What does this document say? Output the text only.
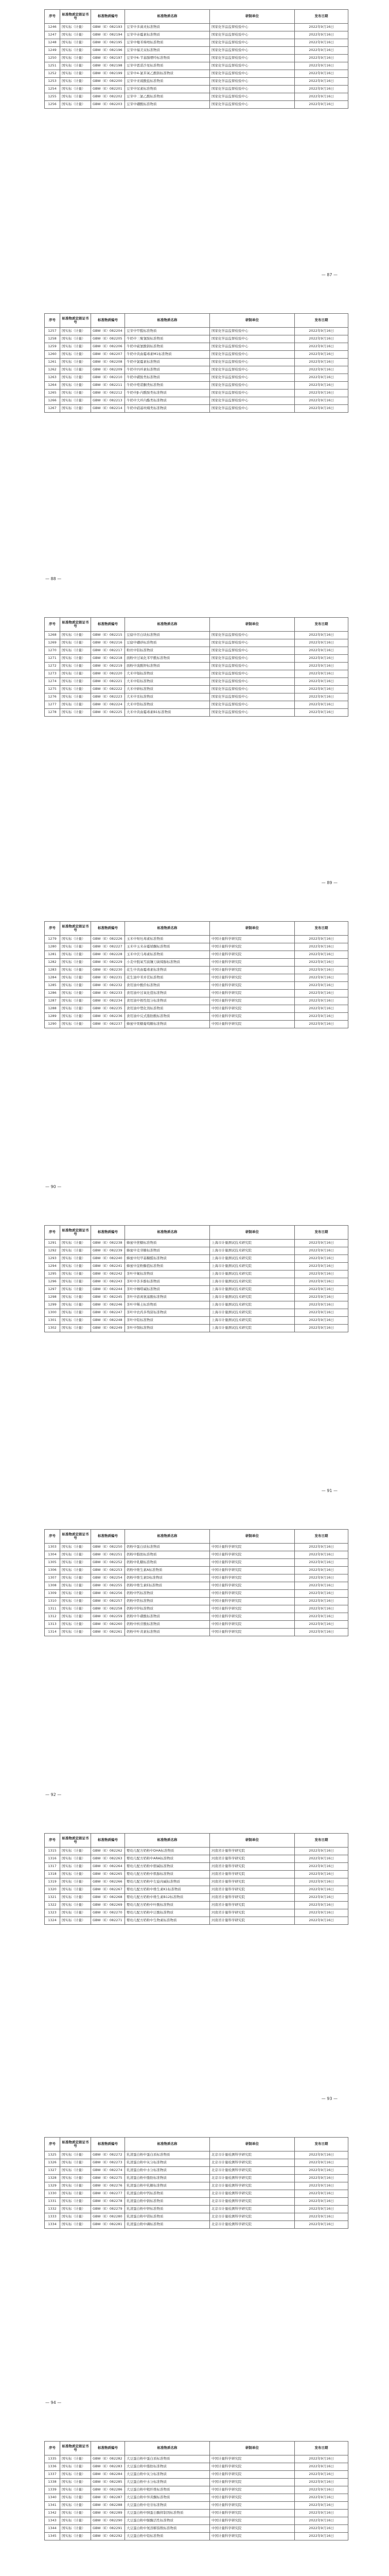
序号	标准物质定级证书号	标准物质编号	标准物质名称	研制单位	发布日期
1246	国实标（计量）	GBW（E）082193	豆芽中多菌灵标准物质	国家化学品监督检验中心	2022年9月16日
1247	国实标（计量）	GBW（E）082194	豆芽中赤霉素标准物质	国家化学品监督检验中心	2022年9月16日
1248	国实标（计量）	GBW（E）082195	豆芽中噻苯咪唑标准物质	国家化学品监督检验中心	2022年9月16日
1249	国实标（计量）	GBW（E）082196	豆芽中福美双标准物质	国家化学品监督检验中心	2022年9月16日
1250	国实标（计量）	GBW（E）082197	豆芽中6-苄基腺嘌呤标准物质	国家化学品监督检验中心	2022年9月16日
1251	国实标（计量）	GBW（E）082198	豆芽中恩诺沙星标准物质	国家化学品监督检验中心	2022年9月16日
1252	国实标（计量）	GBW（E）082199	豆芽中4-氯苯氧乙酸钠标准物质	国家化学品监督检验中心	2022年9月16日
1253	国实标（计量）	GBW（E）082200	豆芽中亚硫酸盐标准物质	国家化学品监督检验中心	2022年9月16日
1254	国实标（计量）	GBW（E）082201	豆芽中尿素标准物质	国家化学品监督检验中心	2022年9月16日
1255	国实标（计量）	GBW（E）082202	豆芽中二氯乙酸标准物质	国家化学品监督检验中心	2022年9月16日
1256	国实标（计量）	GBW（E）082203	豆芽中硼酸标准物质	国家化学品监督检验中心	2022年9月16日
— 87 —
序号	标准物质定级证书号	标准物质编号	标准物质名称	研制单位	发布日期
1257	国实标（计量）	GBW（E）082204	豆芽中甲醛标准物质	国家化学品监督检验中心	2022年9月16日
1258	国实标（计量）	GBW（E）082205	牛奶中三聚氰胺标准物质	国家化学品监督检验中心	2022年9月16日
1259	国实标（计量）	GBW（E）082206	牛奶中硫氰酸钠标准物质	国家化学品监督检验中心	2022年9月16日
1260	国实标（计量）	GBW（E）082207	牛奶中黄曲霉毒素M1标准物质	国家化学品监督检验中心	2022年9月16日
1261	国实标（计量）	GBW（E）082208	牛奶中氯霉素标准物质	国家化学品监督检验中心	2022年9月16日
1262	国实标（计量）	GBW（E）082209	牛奶中四环素标准物质	国家化学品监督检验中心	2022年9月16日
1263	国实标（计量）	GBW（E）082210	牛奶中磺胺类标准物质	国家化学品监督检验中心	2022年9月16日
1264	国实标（计量）	GBW（E）082211	牛奶中喹诺酮类标准物质	国家化学品监督检验中心	2022年9月16日
1265	国实标（计量）	GBW（E）082212	牛奶中β-内酰胺类标准物质	国家化学品监督检验中心	2022年9月16日
1266	国实标（计量）	GBW（E）082213	牛奶中大环内酯类标准物质	国家化学品监督检验中心	2022年9月16日
1267	国实标（计量）	GBW（E）082214	牛奶中硝基呋喃类标准物质	国家化学品监督检验中心	2022年9月16日
— 88 —
序号	标准物质定级证书号	标准物质编号	标准物质名称	研制单位	发布日期
1268	国实标（计量）	GBW（E）082215	豆腐中吊白块标准物质	国家化学品监督检验中心	2022年9月16日
1269	国实标（计量）	GBW（E）082216	豆腐中硼砂标准物质	国家化学品监督检验中心	2022年9月16日
1270	国实标（计量）	GBW（E）082217	粉丝中铝标准物质	国家化学品监督检验中心	2022年9月16日
1271	国实标（计量）	GBW（E）082218	面粉中过氧化苯甲酰标准物质	国家化学品监督检验中心	2022年9月16日
1272	国实标（计量）	GBW（E）082219	面粉中溴酸钾标准物质	国家化学品监督检验中心	2022年9月16日
1273	国实标（计量）	GBW（E）082220	大米中镉标准物质	国家化学品监督检验中心	2022年9月16日
1274	国实标（计量）	GBW（E）082221	大米中铅标准物质	国家化学品监督检验中心	2022年9月16日
1275	国实标（计量）	GBW（E）082222	大米中砷标准物质	国家化学品监督检验中心	2022年9月16日
1276	国实标（计量）	GBW（E）082223	大米中汞标准物质	国家化学品监督检验中心	2022年9月16日
1277	国实标（计量）	GBW（E）082224	大米中铬标准物质	国家化学品监督检验中心	2022年9月16日
1278	国实标（计量）	GBW（E）082225	大米中黄曲霉毒素B1标准物质	国家化学品监督检验中心	2022年9月16日
— 89 —
序号	标准物质定级证书号	标准物质编号	标准物质名称	研制单位	发布日期
1279	国实标（计量）	GBW（E）082226	玉米中呕吐毒素标准物质	中国计量科学研究院	2022年9月16日
1280	国实标（计量）	GBW（E）082227	玉米中玉米赤霉烯酮标准物质	中国计量科学研究院	2022年9月16日
1281	国实标（计量）	GBW（E）082228	玉米中伏马毒素标准物质	中国计量科学研究院	2022年9月16日
1282	国实标（计量）	GBW（E）082229	小麦中脱氧雪腐镰刀菌烯醇标准物质	中国计量科学研究院	2022年9月16日
1283	国实标（计量）	GBW（E）082230	花生中黄曲霉毒素标准物质	中国计量科学研究院	2022年9月16日
1284	国实标（计量）	GBW（E）082231	花生油中苯并芘标准物质	中国计量科学研究院	2022年9月16日
1285	国实标（计量）	GBW（E）082232	食用油中酸价标准物质	中国计量科学研究院	2022年9月16日
1286	国实标（计量）	GBW（E）082233	食用油中过氧化值标准物质	中国计量科学研究院	2022年9月16日
1287	国实标（计量）	GBW（E）082234	食用油中极性组分标准物质	中国计量科学研究院	2022年9月16日
1288	国实标（计量）	GBW（E）082235	食用油中塑化剂标准物质	中国计量科学研究院	2022年9月16日
1289	国实标（计量）	GBW（E）082236	食用油中反式脂肪酸标准物质	中国计量科学研究院	2022年9月16日
1290	国实标（计量）	GBW（E）082237	蜂蜜中果糖葡萄糖标准物质	中国计量科学研究院	2022年9月16日
— 90 —
序号	标准物质定级证书号	标准物质编号	标准物质名称	研制单位	发布日期
1291	国实标（计量）	GBW（E）082238	蜂蜜中蔗糖标准物质	上海市计量测试技术研究院	2022年9月16日
1292	国实标（计量）	GBW（E）082239	蜂蜜中麦芽糖标准物质	上海市计量测试技术研究院	2022年9月16日
1293	国实标（计量）	GBW（E）082240	蜂蜜中羟甲基糠醛标准物质	上海市计量测试技术研究院	2022年9月16日
1294	国实标（计量）	GBW（E）082241	蜂蜜中淀粉酶值标准物质	上海市计量测试技术研究院	2022年9月16日
1295	国实标（计量）	GBW（E）082242	茶叶中氟标准物质	上海市计量测试技术研究院	2022年9月16日
1296	国实标（计量）	GBW（E）082243	茶叶中茶多酚标准物质	上海市计量测试技术研究院	2022年9月16日
1297	国实标（计量）	GBW（E）082244	茶叶中咖啡碱标准物质	上海市计量测试技术研究院	2022年9月16日
1298	国实标（计量）	GBW（E）082245	茶叶中游离氨基酸标准物质	上海市计量测试技术研究院	2022年9月16日
1299	国实标（计量）	GBW（E）082246	茶叶中稀土标准物质	上海市计量测试技术研究院	2022年9月16日
1300	国实标（计量）	GBW（E）082247	茶叶中农药多残留标准物质	上海市计量测试技术研究院	2022年9月16日
1301	国实标（计量）	GBW（E）082248	茶叶中铅标准物质	上海市计量测试技术研究院	2022年9月16日
1302	国实标（计量）	GBW（E）082249	茶叶中铜标准物质	上海市计量测试技术研究院	2022年9月16日
— 91 —
序号	标准物质定级证书号	标准物质编号	标准物质名称	研制单位	发布日期
1303	国实标（计量）	GBW（E）082250	奶粉中蛋白质标准物质	中国计量科学研究院	2022年9月16日
1304	国实标（计量）	GBW（E）082251	奶粉中脂肪标准物质	中国计量科学研究院	2022年9月16日
1305	国实标（计量）	GBW（E）082252	奶粉中乳糖标准物质	中国计量科学研究院	2022年9月16日
1306	国实标（计量）	GBW（E）082253	奶粉中维生素A标准物质	中国计量科学研究院	2022年9月16日
1307	国实标（计量）	GBW（E）082254	奶粉中维生素D标准物质	中国计量科学研究院	2022年9月16日
1308	国实标（计量）	GBW（E）082255	奶粉中维生素E标准物质	中国计量科学研究院	2022年9月16日
1309	国实标（计量）	GBW（E）082256	奶粉中钙标准物质	中国计量科学研究院	2022年9月16日
1310	国实标（计量）	GBW（E）082257	奶粉中铁标准物质	中国计量科学研究院	2022年9月16日
1311	国实标（计量）	GBW（E）082258	奶粉中锌标准物质	中国计量科学研究院	2022年9月16日
1312	国实标（计量）	GBW（E）082259	奶粉中牛磺酸标准物质	中国计量科学研究院	2022年9月16日
1313	国实标（计量）	GBW（E）082260	奶粉中核苷酸标准物质	中国计量科学研究院	2022年9月16日
1314	国实标（计量）	GBW（E）082261	奶粉中叶黄素标准物质	中国计量科学研究院	2022年9月16日
— 92 —
序号	标准物质定级证书号	标准物质编号	标准物质名称	研制单位	发布日期
1315	国实标（计量）	GBW（E）082262	婴幼儿配方奶粉中DHA标准物质	河南省计量科学研究院	2022年9月16日
1316	国实标（计量）	GBW（E）082263	婴幼儿配方奶粉中ARA标准物质	河南省计量科学研究院	2022年9月16日
1317	国实标（计量）	GBW（E）082264	婴幼儿配方奶粉中胆碱标准物质	河南省计量科学研究院	2022年9月16日
1318	国实标（计量）	GBW（E）082265	婴幼儿配方奶粉中肌醇标准物质	河南省计量科学研究院	2022年9月16日
1319	国实标（计量）	GBW（E）082266	婴幼儿配方奶粉中左旋肉碱标准物质	河南省计量科学研究院	2022年9月16日
1320	国实标（计量）	GBW（E）082267	婴幼儿配方奶粉中维生素K1标准物质	河南省计量科学研究院	2022年9月16日
1321	国实标（计量）	GBW（E）082268	婴幼儿配方奶粉中维生素B12标准物质	河南省计量科学研究院	2022年9月16日
1322	国实标（计量）	GBW（E）082269	婴幼儿配方奶粉中叶酸标准物质	河南省计量科学研究院	2022年9月16日
1323	国实标（计量）	GBW（E）082270	婴幼儿配方奶粉中泛酸标准物质	河南省计量科学研究院	2022年9月16日
1324	国实标（计量）	GBW（E）082271	婴幼儿配方奶粉中生物素标准物质	河南省计量科学研究院	2022年9月16日
— 93 —
序号	标准物质定级证书号	标准物质编号	标准物质名称	研制单位	发布日期
1325	国实标（计量）	GBW（E）082272	乳清蛋白粉中蛋白质标准物质	北京市计量检测科学研究院	2022年9月16日
1326	国实标（计量）	GBW（E）082273	乳清蛋白粉中灰分标准物质	北京市计量检测科学研究院	2022年9月16日
1327	国实标（计量）	GBW（E）082274	乳清蛋白粉中水分标准物质	北京市计量检测科学研究院	2022年9月16日
1328	国实标（计量）	GBW（E）082275	乳清蛋白粉中脂肪标准物质	北京市计量检测科学研究院	2022年9月16日
1329	国实标（计量）	GBW（E）082276	乳清蛋白粉中乳糖标准物质	北京市计量检测科学研究院	2022年9月16日
1330	国实标（计量）	GBW（E）082277	乳清蛋白粉中钙标准物质	北京市计量检测科学研究院	2022年9月16日
1331	国实标（计量）	GBW（E）082278	乳清蛋白粉中钠标准物质	北京市计量检测科学研究院	2022年9月16日
1332	国实标（计量）	GBW（E）082279	乳清蛋白粉中钾标准物质	北京市计量检测科学研究院	2022年9月16日
1333	国实标（计量）	GBW（E）082280	乳清蛋白粉中镁标准物质	北京市计量检测科学研究院	2022年9月16日
1334	国实标（计量）	GBW（E）082281	乳清蛋白粉中磷标准物质	北京市计量检测科学研究院	2022年9月16日
— 94 —
序号	标准物质定级证书号	标准物质编号	标准物质名称	研制单位	发布日期
1335	国实标（计量）	GBW（E）082282	大豆蛋白粉中蛋白质标准物质	中国计量科学研究院	2022年9月16日
1336	国实标（计量）	GBW（E）082283	大豆蛋白粉中脂肪标准物质	中国计量科学研究院	2022年9月16日
1337	国实标（计量）	GBW（E）082284	大豆蛋白粉中灰分标准物质	中国计量科学研究院	2022年9月16日
1338	国实标（计量）	GBW（E）082285	大豆蛋白粉中水分标准物质	中国计量科学研究院	2022年9月16日
1339	国实标（计量）	GBW（E）082286	大豆蛋白粉中粗纤维标准物质	中国计量科学研究院	2022年9月16日
1340	国实标（计量）	GBW（E）082287	大豆蛋白粉中异黄酮标准物质	中国计量科学研究院	2022年9月16日
1341	国实标（计量）	GBW（E）082288	大豆蛋白粉中皂苷标准物质	中国计量科学研究院	2022年9月16日
1342	国实标（计量）	GBW（E）082289	大豆蛋白粉中胰蛋白酶抑制剂标准物质	中国计量科学研究院	2022年9月16日
1343	国实标（计量）	GBW（E）082290	大豆蛋白粉中脲酶活性标准物质	中国计量科学研究院	2022年9月16日
1344	国实标（计量）	GBW（E）082291	大豆蛋白粉中氮溶解指数标准物质	中国计量科学研究院	2022年9月16日
1345	国实标（计量）	GBW（E）082292	大豆蛋白粉中铅标准物质	中国计量科学研究院	2022年9月16日
